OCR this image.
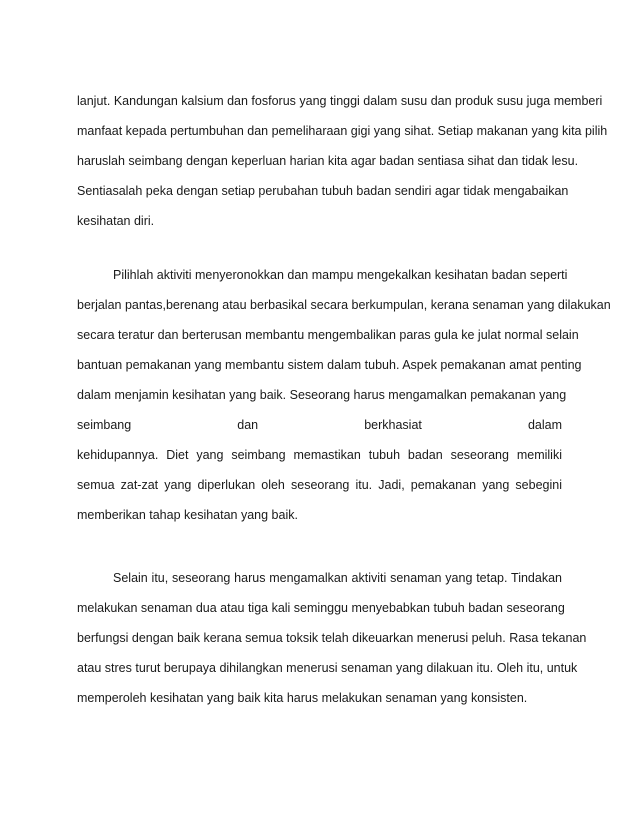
lanjut. Kandungan kalsium dan fosforus yang tinggi dalam susu dan produk susu juga memberi
manfaat kepada pertumbuhan dan pemeliharaan gigi yang sihat. Setiap makanan yang kita pilih
haruslah seimbang dengan keperluan harian kita agar badan sentiasa sihat dan tidak lesu.
Sentiasalah peka dengan setiap perubahan tubuh badan sendiri agar tidak mengabaikan
kesihatan diri.
Pilihlah aktiviti menyeronokkan dan mampu mengekalkan kesihatan badan seperti
berjalan pantas,berenang atau berbasikal secara berkumpulan, kerana senaman yang dilakukan
secara teratur dan berterusan membantu mengembalikan paras gula ke julat normal selain
bantuan pemakanan yang membantu sistem dalam tubuh. Aspek pemakanan amat penting
dalam menjamin kesihatan yang baik. Seseorang harus mengamalkan pemakanan yang
seimbang dan berkhasiat dalam
kehidupannya. Diet yang seimbang memastikan tubuh badan seseorang memiliki
semua zat-zat yang diperlukan oleh seseorang itu. Jadi, pemakanan yang sebegini
memberikan tahap kesihatan yang baik.
Selain itu, seseorang harus mengamalkan aktiviti senaman yang tetap. Tindakan
melakukan senaman dua atau tiga kali seminggu menyebabkan tubuh badan seseorang
berfungsi dengan baik kerana semua toksik telah dikeuarkan menerusi peluh. Rasa tekanan
atau stres turut berupaya dihilangkan menerusi senaman yang dilakuan itu. Oleh itu, untuk
memperoleh kesihatan yang baik kita harus melakukan senaman yang konsisten.
